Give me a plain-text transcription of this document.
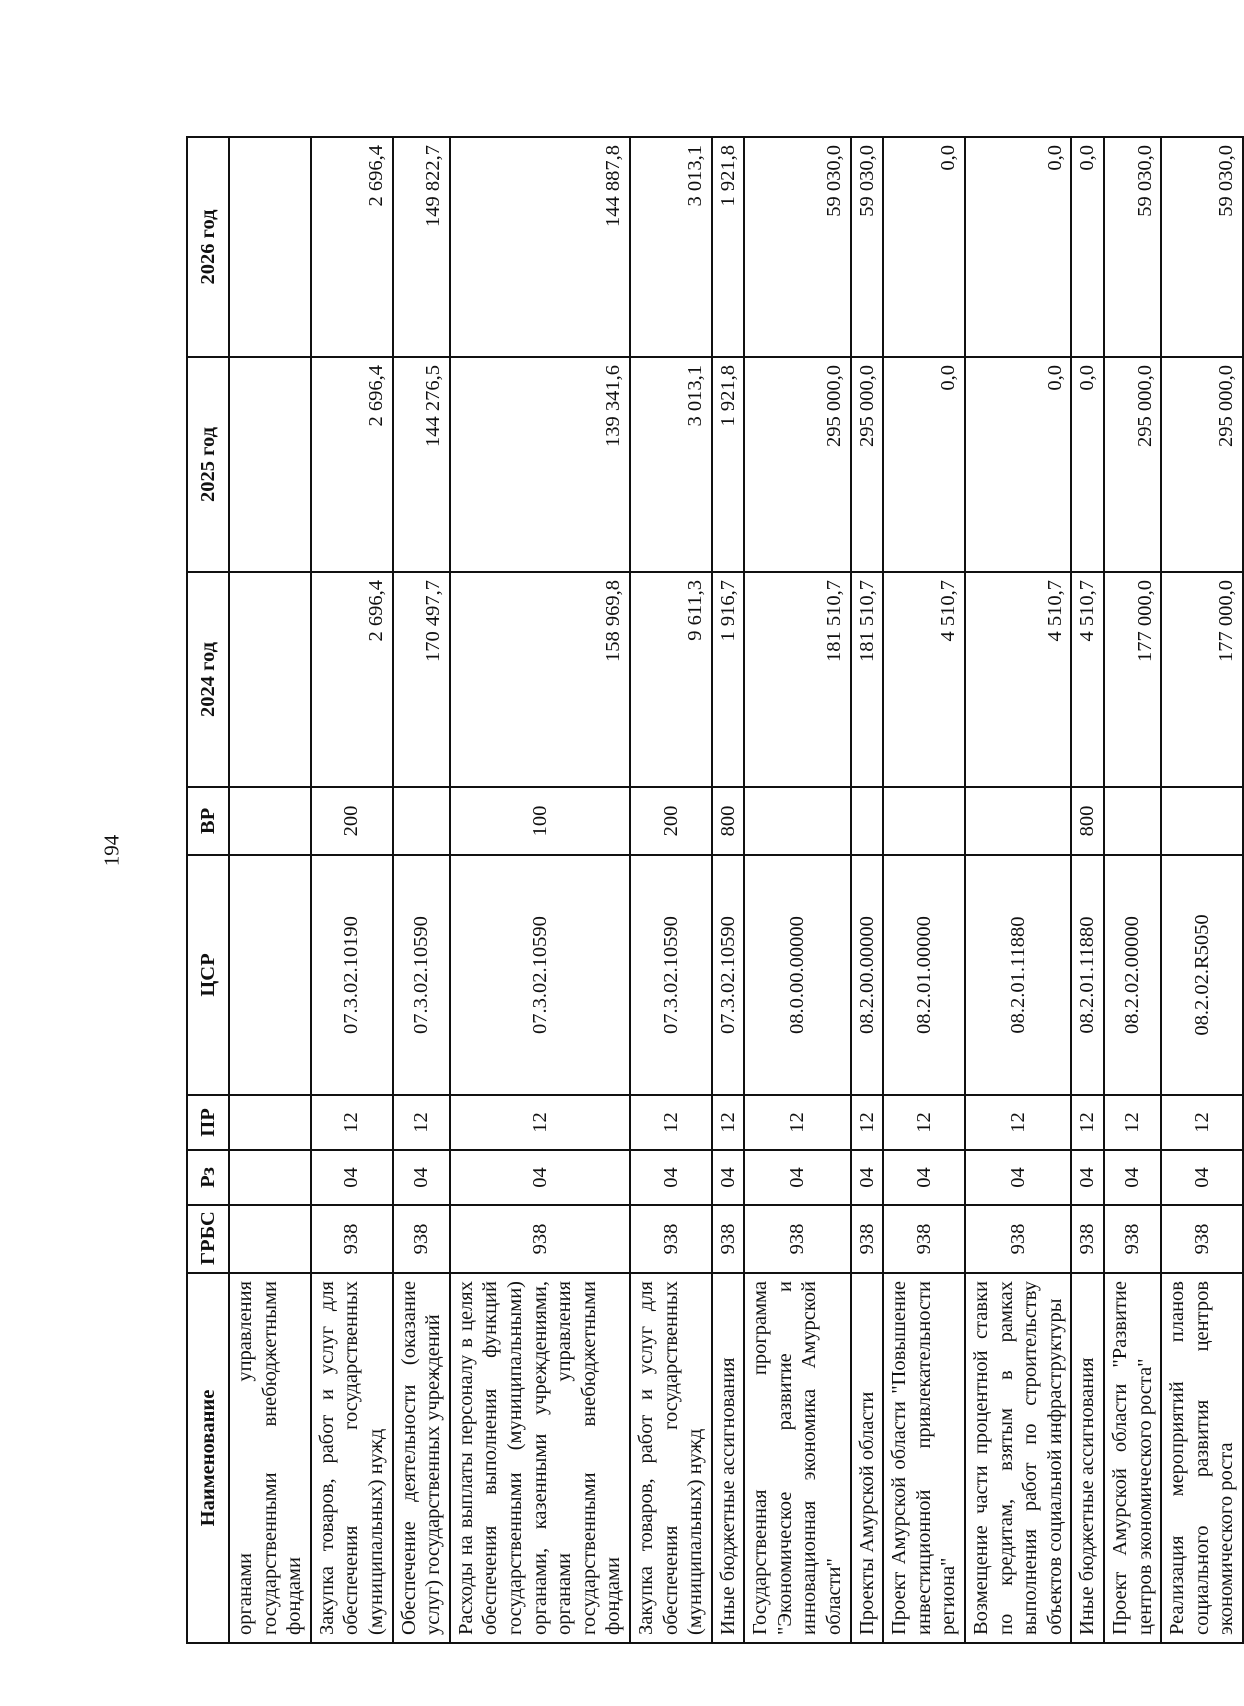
194
Наименование	ГРБС	Рз	ПР	ЦСР	ВР	2024 год	2025 год	2026 год
органами управления государственными внебюджетными фондами								
Закупка товаров, работ и услуг для обеспечения государственных (муниципальных) нужд	938	04	12	07.3.02.10190	200	2 696,4	2 696,4	2 696,4
Обеспечение деятельности (оказание услуг) государственных учреждений	938	04	12	07.3.02.10590		170 497,7	144 276,5	149 822,7
Расходы на выплаты персоналу в целях обеспечения выполнения функций государственными (муниципальными) органами, казенными учреждениями, органами управления государственными внебюджетными фондами	938	04	12	07.3.02.10590	100	158 969,8	139 341,6	144 887,8
Закупка товаров, работ и услуг для обеспечения государственных (муниципальных) нужд	938	04	12	07.3.02.10590	200	9 611,3	3 013,1	3 013,1
Иные бюджетные ассигнования	938	04	12	07.3.02.10590	800	1 916,7	1 921,8	1 921,8
Государственная программа "Экономическое развитие и инновационная экономика Амурской области"	938	04	12	08.0.00.00000		181 510,7	295 000,0	59 030,0
Проекты Амурской области	938	04	12	08.2.00.00000		181 510,7	295 000,0	59 030,0
Проект Амурской области "Повышение инвестиционной привлекательности региона"	938	04	12	08.2.01.00000		4 510,7	0,0	0,0
Возмещение части процентной ставки по кредитам, взятым в рамках выполнения работ по строительству объектов социальной инфраструктуры	938	04	12	08.2.01.11880		4 510,7	0,0	0,0
Иные бюджетные ассигнования	938	04	12	08.2.01.11880	800	4 510,7	0,0	0,0
Проект Амурской области "Развитие центров экономического роста"	938	04	12	08.2.02.00000		177 000,0	295 000,0	59 030,0
Реализация мероприятий планов социального развития центров экономического роста	938	04	12	08.2.02.R5050		177 000,0	295 000,0	59 030,0
